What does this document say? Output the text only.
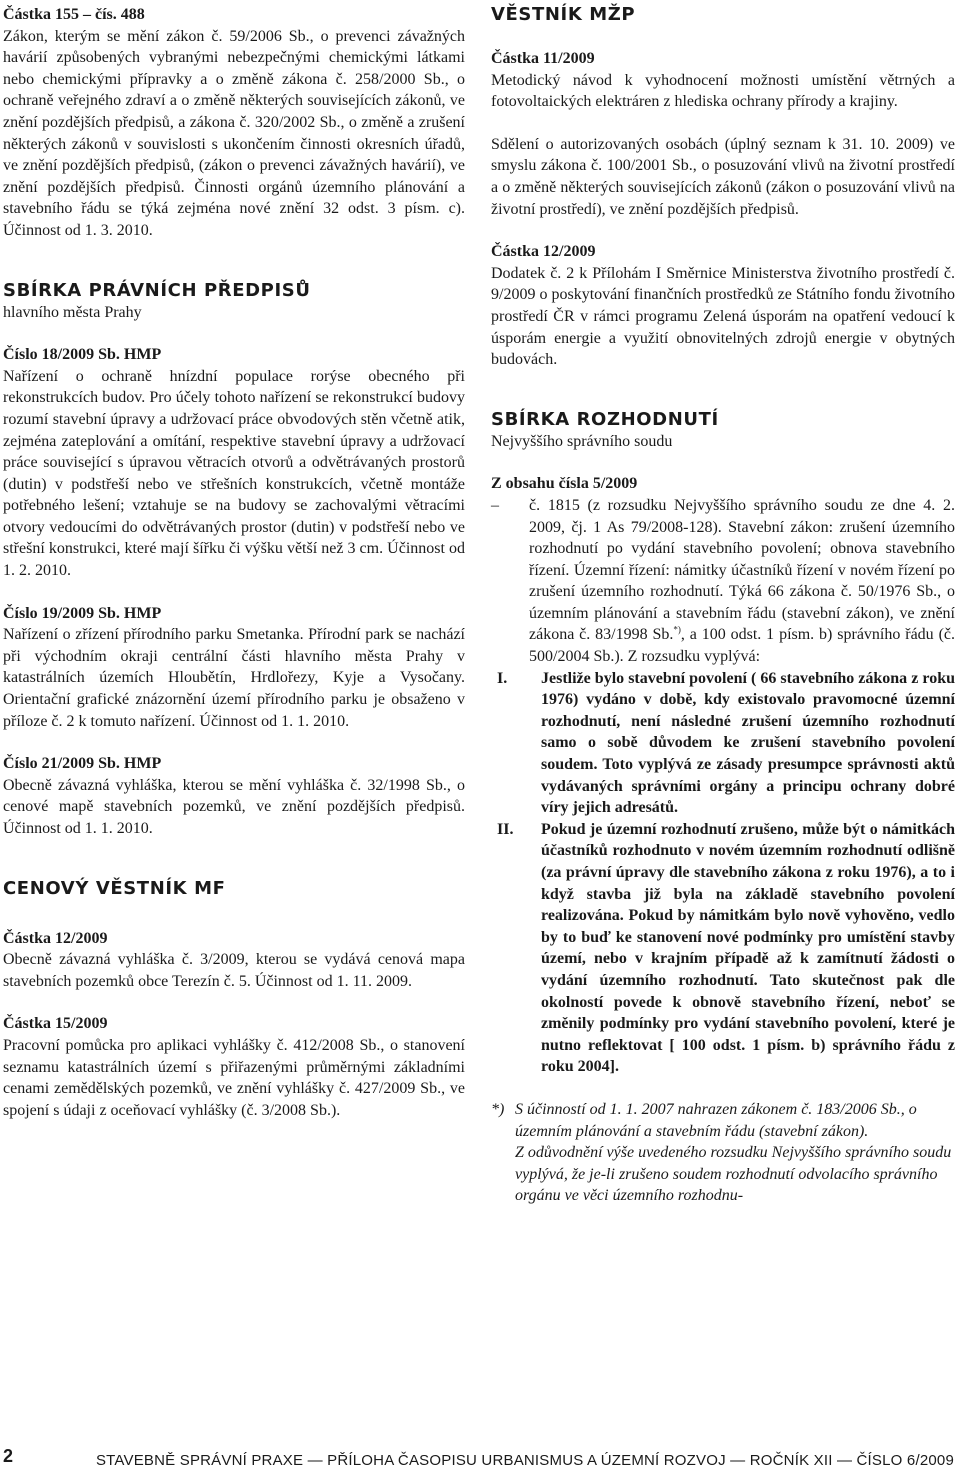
Částka 155 – čís. 488

Zákon, kterým se mění zákon č. 59/2006 Sb., o prevenci závažných havárií způsobených vybranými nebezpečnými chemickými látkami nebo chemickými přípravky a o změně zákona č. 258/2000 Sb., o ochraně veřejného zdraví a o změně některých souvisejících zákonů, ve znění pozdějších předpisů, a zákona č. 320/2002 Sb., o změně a zrušení některých zákonů v souvislosti s ukončením činnosti okresních úřadů, ve znění pozdějších předpisů, (zákon o prevenci závažných havárií), ve znění pozdějších předpisů. Činnosti orgánů územního plánování a stavebního řádu se týká zejména nové znění 32 odst. 3 písm. c). Účinnost od 1. 3. 2010.

SBÍRKA PRÁVNÍCH PŘEDPISŮ

hlavního města Prahy

Číslo 18/2009 Sb. HMP

Nařízení o ochraně hnízdní populace rorýse obecného při rekonstrukcích budov. Pro účely tohoto nařízení se rekonstrukcí budovy rozumí stavební úpravy a udržovací práce obvodových stěn včetně atik, zejména zateplování a omítání, respektive stavební úpravy a udržovací práce související s úpravou větracích otvorů a odvětrávaných prostorů (dutin) v podstřeší nebo ve střešních konstrukcích, včetně montáže potřebného lešení; vztahuje se na budovy se zachovalými větracími otvory vedoucími do odvětrávaných prostor (dutin) v podstřeší nebo ve střešní konstrukci, které mají šířku či výšku větší než 3 cm. Účinnost od 1. 2. 2010.

Číslo 19/2009 Sb. HMP

Nařízení o zřízení přírodního parku Smetanka. Přírodní park se nachází při východním okraji centrální části hlavního města Prahy v katastrálních územích Hloubětín, Hrdlořezy, Kyje a Vysočany. Orientační grafické znázornění území přírodního parku je obsaženo v příloze č. 2 k tomuto nařízení. Účinnost od 1. 1. 2010.

Číslo 21/2009 Sb. HMP

Obecně závazná vyhláška, kterou se mění vyhláška č. 32/1998 Sb., o cenové mapě stavebních pozemků, ve znění pozdějších předpisů. Účinnost od 1. 1. 2010.

CENOVÝ VĚSTNÍK MF

Částka 12/2009

Obecně závazná vyhláška č. 3/2009, kterou se vydává cenová mapa stavebních pozemků obce Terezín č. 5. Účinnost od 1. 11. 2009.

Částka 15/2009

Pracovní pomůcka pro aplikaci vyhlášky č. 412/2008 Sb., o stanovení seznamu katastrálních území s přiřazenými průměrnými základními cenami zemědělských pozemků, ve znění vyhlášky č. 427/2009 Sb., ve spojení s údaji z oceňovací vyhlášky (č. 3/2008 Sb.).

VĚSTNÍK MŽP

Částka 11/2009

Metodický návod k vyhodnocení možnosti umístění větrných a fotovoltaických elektráren z hlediska ochrany přírody a krajiny.

Sdělení o autorizovaných osobách (úplný seznam k 31. 10. 2009) ve smyslu zákona č. 100/2001 Sb., o posuzování vlivů na životní prostředí a o změně některých souvisejících zákonů (zákon o posuzování vlivů na životní prostředí), ve znění pozdějších předpisů.

Částka 12/2009

Dodatek č. 2 k Přílohám I Směrnice Ministerstva životního prostředí č. 9/2009 o poskytování finančních prostředků ze Státního fondu životního prostředí ČR v rámci programu Zelená úsporám na opatření vedoucí k úsporám energie a využití obnovitelných zdrojů energie v obytných budovách.

SBÍRKA ROZHODNUTÍ

Nejvyššího správního soudu

Z obsahu čísla 5/2009

–	č. 1815 (z rozsudku Nejvyššího správního soudu ze dne 4. 2. 2009, čj. 1 As 79/2008-128). Stavební zákon: zrušení územního rozhodnutí po vydání stavebního povolení; obnova stavebního řízení. Územní řízení: námitky účastníků řízení v novém řízení po zrušení územního rozhodnutí. Týká 66 zákona č. 50/1976 Sb., o územním plánování a stavebním řádu (stavební zákon), ve znění zákona č. 83/1998 Sb.*), a 100 odst. 1 písm. b) správního řádu (č. 500/2004 Sb.). Z rozsudku vyplývá:
I.	Jestliže bylo stavební povolení ( 66 stavebního zákona z roku 1976) vydáno v době, kdy existovalo pravomocné územní rozhodnutí, není následné zrušení územního rozhodnutí samo o sobě důvodem ke zrušení stavebního povolení soudem. Toto vyplývá ze zásady presumpce správnosti aktů vydávaných správními orgány a principu ochrany dobré víry jejich adresátů.
II.	Pokud je územní rozhodnutí zrušeno, může být o námitkách účastníků rozhodnuto v novém územním rozhodnutí odlišně (za právní úpravy dle stavebního zákona z roku 1976), a to i když stavba již byla na základě stavebního povolení realizována. Pokud by námitkám bylo nově vyhověno, vedlo by to buď ke stanovení nové podmínky pro umístění stavby území, nebo v krajním případě až k zamítnutí žádosti o vydání územního rozhodnutí. Tato skutečnost pak dle okolností povede k obnově stavebního řízení, neboť se změnily podmínky pro vydání stavebního povolení, které je nutno reflektovat [ 100 odst. 1 písm. b) správního řádu z roku 2004].
*) S účinností od 1. 1. 2007 nahrazen zákonem č. 183/2006 Sb., o územním plánování a stavebním řádu (stavební zákon).
Z odůvodnění výše uvedeného rozsudku Nejvyššího správního soudu vyplývá, že je-li zrušeno soudem rozhodnutí odvolacího správního orgánu ve věci územního rozhodnu-
2	STAVEBNĚ SPRÁVNÍ PRAXE — PŘÍLOHA ČASOPISU URBANISMUS A ÚZEMNÍ ROZVOJ — ROČNÍK XII — ČÍSLO 6/2009
